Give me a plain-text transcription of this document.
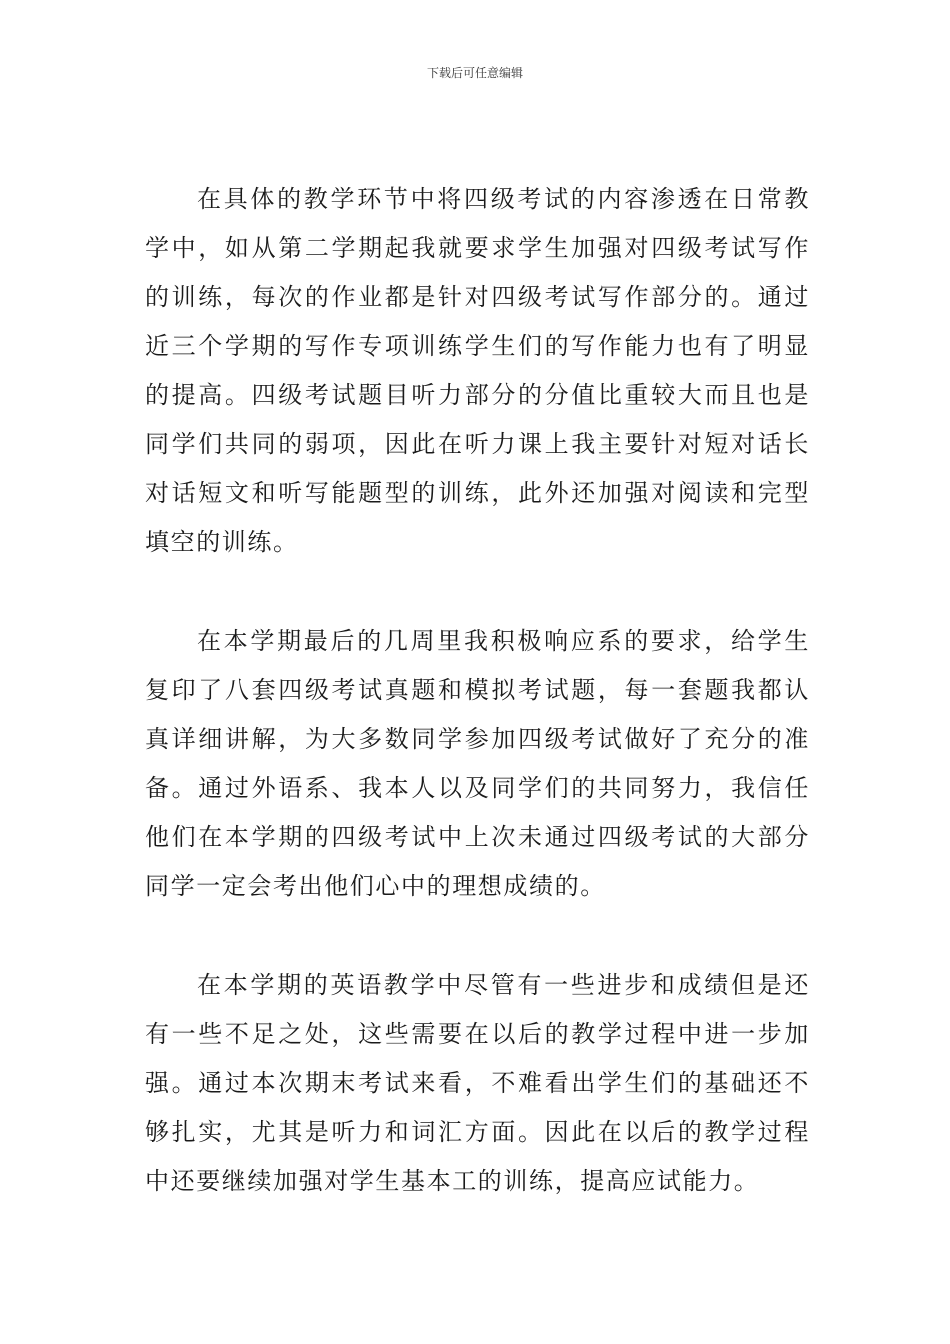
下载后可任意编辑

在具体的教学环节中将四级考试的内容渗透在日常教学中，如从第二学期起我就要求学生加强对四级考试写作的训练，每次的作业都是针对四级考试写作部分的。通过近三个学期的写作专项训练学生们的写作能力也有了明显的提高。四级考试题目听力部分的分值比重较大而且也是同学们共同的弱项，因此在听力课上我主要针对短对话长对话短文和听写能题型的训练，此外还加强对阅读和完型填空的训练。

在本学期最后的几周里我积极响应系的要求，给学生复印了八套四级考试真题和模拟考试题，每一套题我都认真详细讲解，为大多数同学参加四级考试做好了充分的准备。通过外语系、我本人以及同学们的共同努力，我信任他们在本学期的四级考试中上次未通过四级考试的大部分同学一定会考出他们心中的理想成绩的。

在本学期的英语教学中尽管有一些进步和成绩但是还有一些不足之处，这些需要在以后的教学过程中进一步加强。通过本次期末考试来看，不难看出学生们的基础还不够扎实，尤其是听力和词汇方面。因此在以后的教学过程中还要继续加强对学生基本工的训练，提高应试能力。
